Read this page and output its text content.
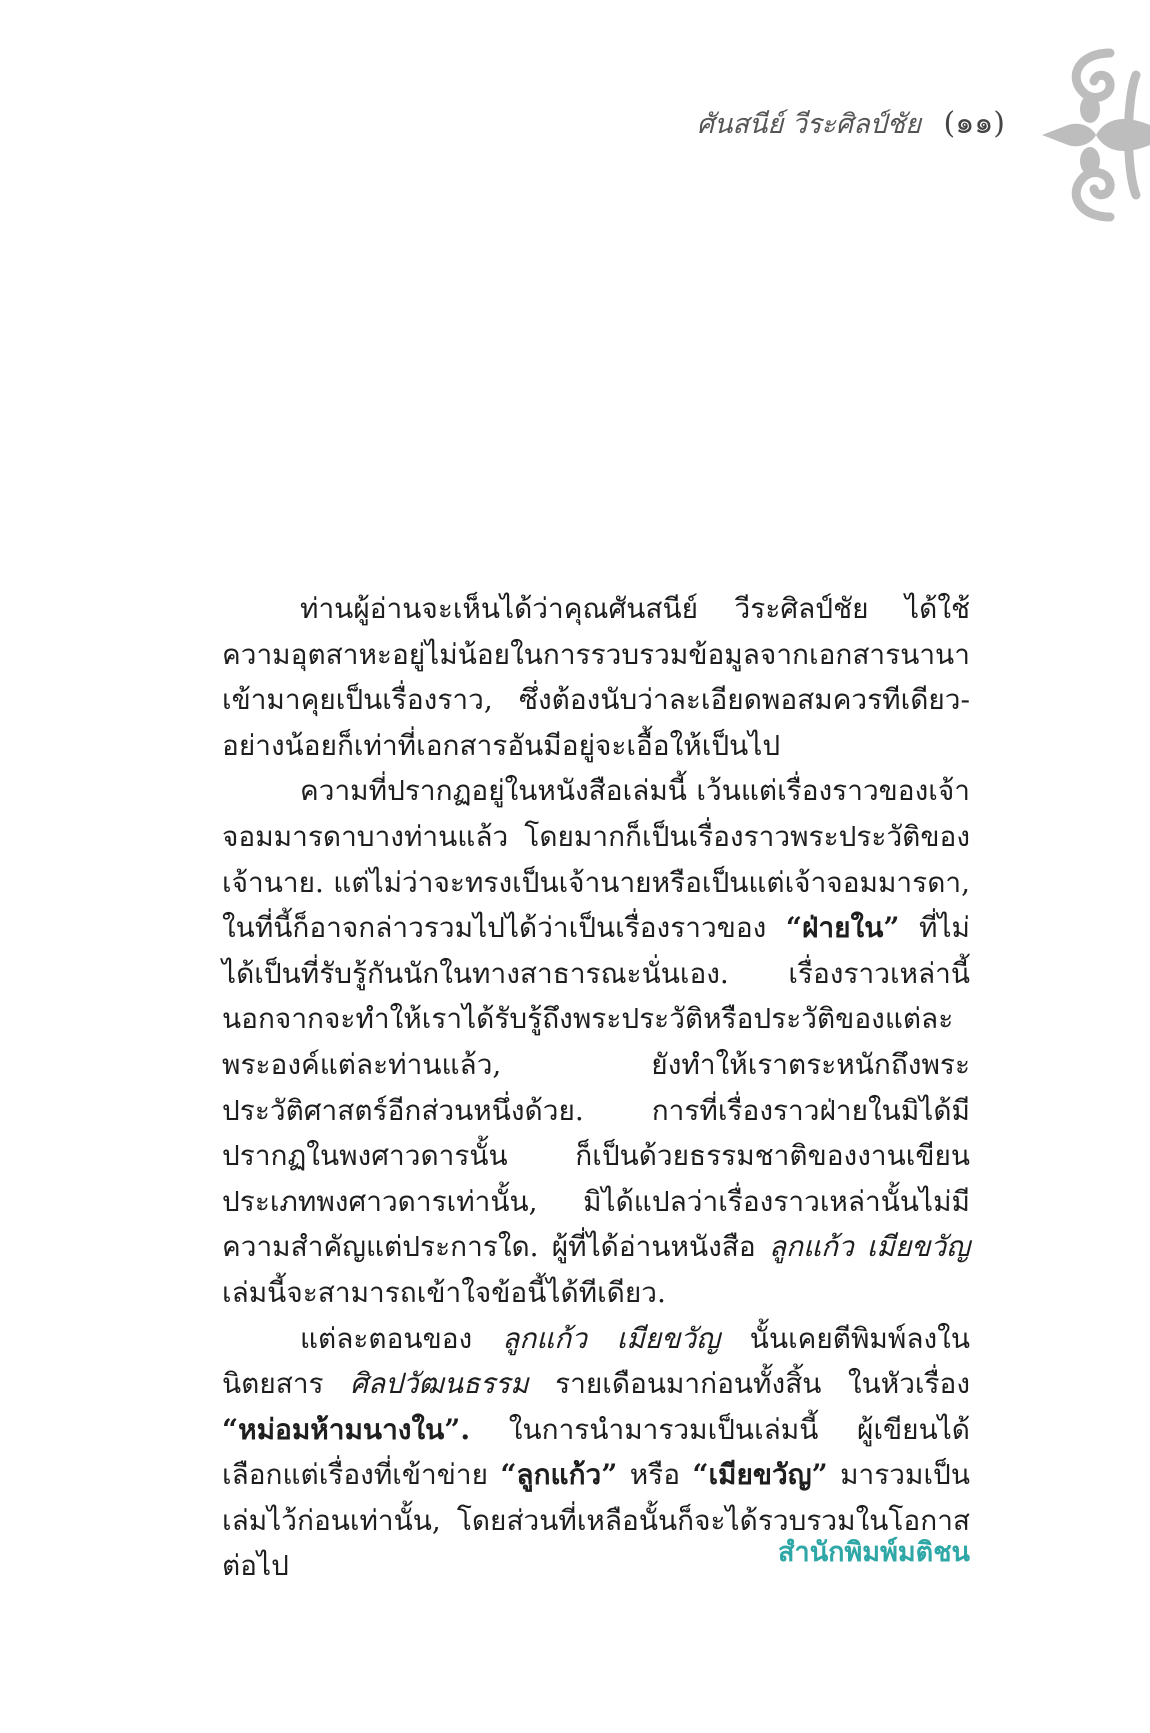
ศันสนีย์ วีระศิลป์ชัย (๑๑)

ท่านผู้อ่านจะเห็นได้ว่าคุณศันสนีย์ วีระศิลป์ชัย ได้ใช้ความอุตสาหะอยู่ไม่น้อยในการรวบรวมข้อมูลจากเอกสารนานาเข้ามาคุยเป็นเรื่องราว, ซึ่งต้องนับว่าละเอียดพอสมควรทีเดียว-อย่างน้อยก็เท่าที่เอกสารอันมีอยู่จะเอื้อให้เป็นไป

ความที่ปรากฏอยู่ในหนังสือเล่มนี้ เว้นแต่เรื่องราวของเจ้าจอมมารดาบางท่านแล้ว โดยมากก็เป็นเรื่องราวพระประวัติของเจ้านาย. แต่ไม่ว่าจะทรงเป็นเจ้านายหรือเป็นแต่เจ้าจอมมารดา, ในที่นี้ก็อาจกล่าวรวมไปได้ว่าเป็นเรื่องราวของ “ฝ่ายใน” ที่ไม่ได้เป็นที่รับรู้กันนักในทางสาธารณะนั่นเอง. เรื่องราวเหล่านี้นอกจากจะทำให้เราได้รับรู้ถึงพระประวัติหรือประวัติของแต่ละพระองค์แต่ละท่านแล้ว, ยังทำให้เราตระหนักถึงพระประวัติศาสตร์อีกส่วนหนึ่งด้วย. การที่เรื่องราวฝ่ายในมิได้มีปรากฏในพงศาวดารนั้น ก็เป็นด้วยธรรมชาติของงานเขียนประเภทพงศาวดารเท่านั้น, มิได้แปลว่าเรื่องราวเหล่านั้นไม่มีความสำคัญแต่ประการใด. ผู้ที่ได้อ่านหนังสือ ลูกแก้ว เมียขวัญ เล่มนี้จะสามารถเข้าใจข้อนี้ได้ทีเดียว.

แต่ละตอนของ ลูกแก้ว เมียขวัญ นั้นเคยตีพิมพ์ลงในนิตยสาร ศิลปวัฒนธรรม รายเดือนมาก่อนทั้งสิ้น ในหัวเรื่อง “หม่อมห้ามนางใน”. ในการนำมารวมเป็นเล่มนี้ ผู้เขียนได้เลือกแต่เรื่องที่เข้าข่าย “ลูกแก้ว” หรือ “เมียขวัญ” มารวมเป็นเล่มไว้ก่อนเท่านั้น, โดยส่วนที่เหลือนั้นก็จะได้รวบรวมในโอกาสต่อไป	สำนักพิมพ์มติชน
